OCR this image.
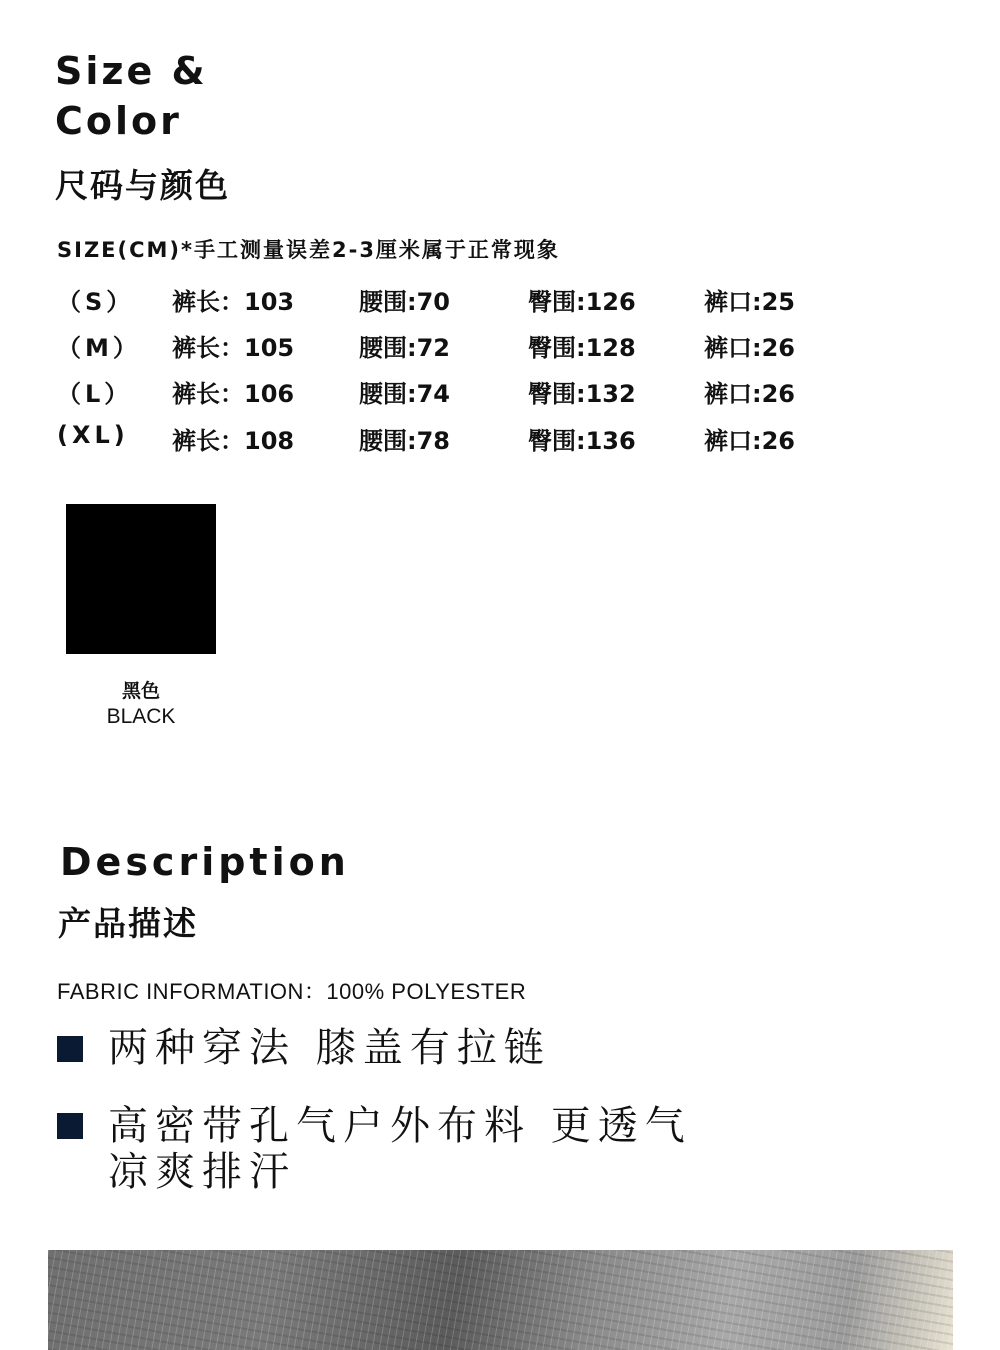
Size &
Color
尺码与颜色
SIZE(CM)*手工测量误差2-3厘米属于正常现象
（S） 裤长：103	腰围:70	臀围:126	裤口:25
（M） 裤长：105	腰围:72	臀围:128	裤口:26
（L） 裤长：106	腰围:74	臀围:132	裤口:26
(XL) 裤长：108	腰围:78	臀围:136	裤口:26
黑色
BLACK
Description
产品描述
FABRIC INFORMATION：100% POLYESTER
两种穿法 膝盖有拉链
高密带孔气户外布料 更透气
凉爽排汗
